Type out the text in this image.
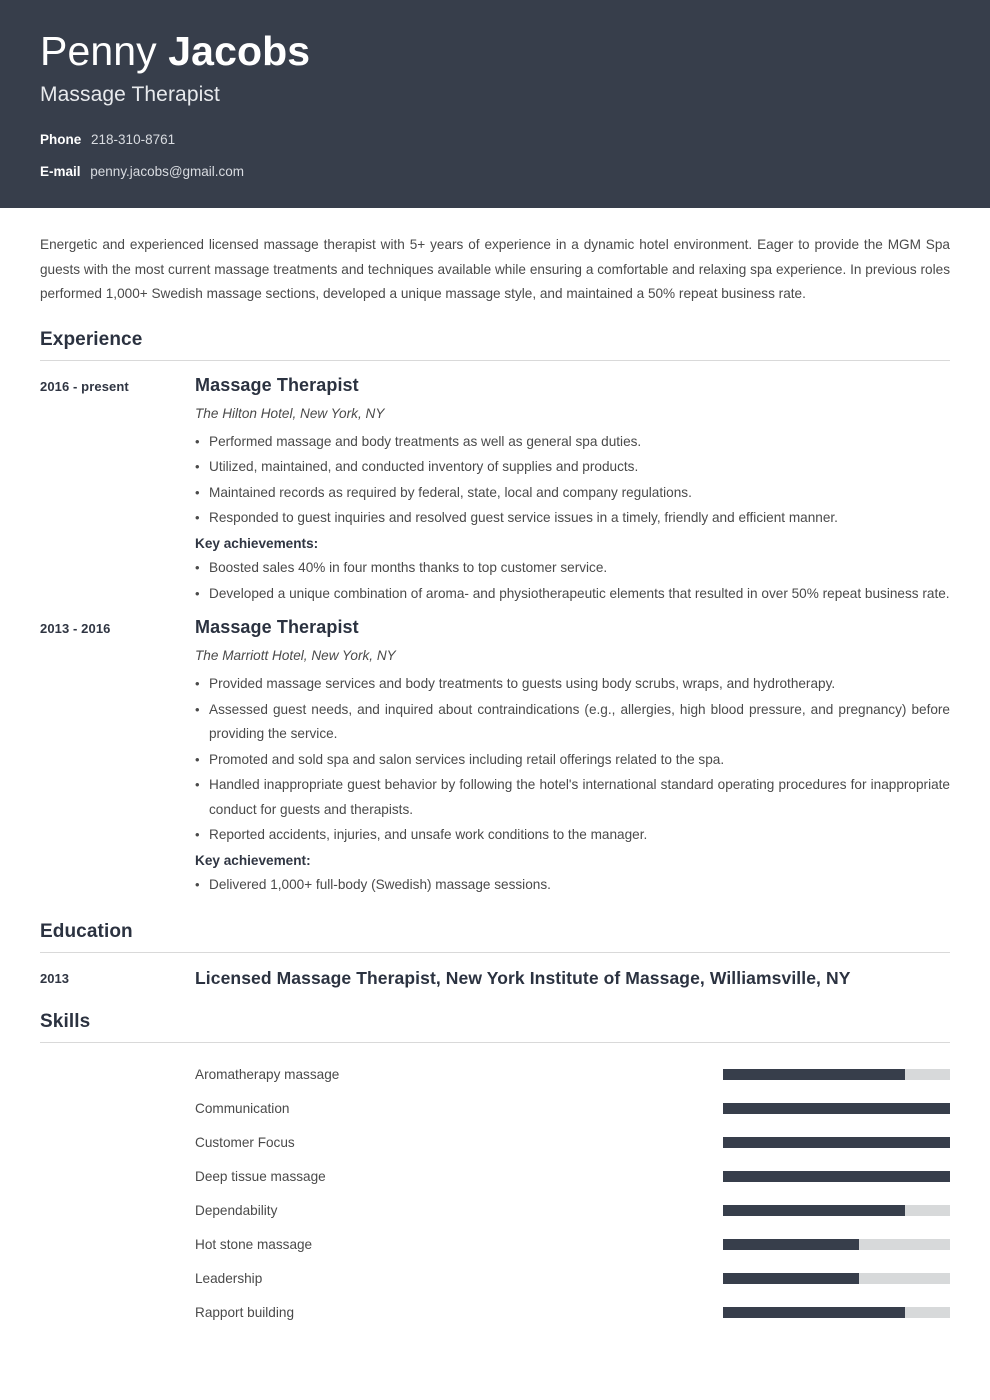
Penny Jacobs
Massage Therapist
Phone 218-310-8761
E-mail penny.jacobs@gmail.com

Energetic and experienced licensed massage therapist with 5+ years of experience in a dynamic hotel environment. Eager to provide the MGM Spa guests with the most current massage treatments and techniques available while ensuring a comfortable and relaxing spa experience. In previous roles performed 1,000+ Swedish massage sections, developed a unique massage style, and maintained a 50% repeat business rate.

Experience
2016 - present	Massage Therapist
The Hilton Hotel, New York, NY
• Performed massage and body treatments as well as general spa duties.
• Utilized, maintained, and conducted inventory of supplies and products.
• Maintained records as required by federal, state, local and company regulations.
• Responded to guest inquiries and resolved guest service issues in a timely, friendly and efficient manner.

Key achievements:

• Boosted sales 40% in four months thanks to top customer service.
• Developed a unique combination of aroma- and physiotherapeutic elements that resulted in over 50% repeat business rate.
2013 - 2016	Massage Therapist
The Marriott Hotel, New York, NY
• Provided massage services and body treatments to guests using body scrubs, wraps, and hydrotherapy.
• Assessed guest needs, and inquired about contraindications (e.g., allergies, high blood pressure, and pregnancy) before providing the service.
• Promoted and sold spa and salon services including retail offerings related to the spa.
• Handled inappropriate guest behavior by following the hotel's international standard operating procedures for inappropriate conduct for guests and therapists.
• Reported accidents, injuries, and unsafe work conditions to the manager.

Key achievement:

• Delivered 1,000+ full-body (Swedish) massage sessions.
Education
2013	Licensed Massage Therapist, New York Institute of Massage, Williamsville, NY
Skills
Aromatherapy massage
Communication
Customer Focus
Deep tissue massage
Dependability
Hot stone massage
Leadership
Rapport building
